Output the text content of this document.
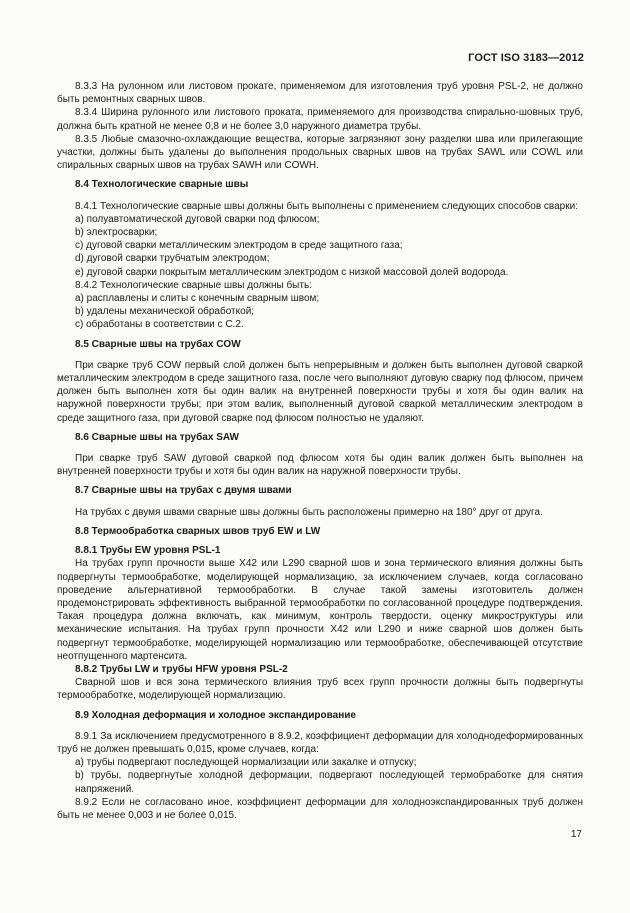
ГОСТ ISO 3183—2012

8.3.3 На рулонном или листовом прокате, применяемом для изготовления труб уровня PSL-2, не должно быть ремонтных сварных швов.

8.3.4 Ширина рулонного или листового проката, применяемого для производства спирально-шовных труб, должна быть кратной не менее 0,8 и не более 3,0 наружного диаметра трубы.

8.3.5 Любые смазочно-охлаждающие вещества, которые загрязняют зону разделки шва или прилегающие участки, должны быть удалены до выполнения продольных сварных швов на трубах SAWL или COWL или спиральных сварных швов на трубах SAWH или COWH.

8.4 Технологические сварные швы

8.4.1 Технологические сварные швы должны быть выполнены с применением следующих способов сварки:

a) полуавтоматической дуговой сварки под флюсом;

b) электросварки;

c) дуговой сварки металлическим электродом в среде защитного газа;

d) дуговой сварки трубчатым электродом;

e) дуговой сварки покрытым металлическим электродом с низкой массовой долей водорода.

8.4.2 Технологические сварные швы должны быть:

a) расплавлены и слиты с конечным сварным швом;

b) удалены механической обработкой;

c) обработаны в соответствии с С.2.

8.5 Сварные швы на трубах COW

При сварке труб COW первый слой должен быть непрерывным и должен быть выполнен дуговой сваркой металлическим электродом в среде защитного газа, после чего выполняют дуговую сварку под флюсом, причем должен быть выполнен хотя бы один валик на внутренней поверхности трубы и хотя бы один валик на наружной поверхности трубы; при этом валик, выполненный дуговой сваркой металлическим электродом в среде защитного газа, при дуговой сварке под флюсом полностью не удаляют.

8.6 Сварные швы на трубах SAW

При сварке труб SAW дуговой сваркой под флюсом хотя бы один валик должен быть выполнен на внутренней поверхности трубы и хотя бы один валик на наружной поверхности трубы.

8.7 Сварные швы на трубах с двумя швами

На трубах с двумя швами сварные швы должны быть расположены примерно на 180° друг от друга.

8.8 Термообработка сварных швов труб EW и LW

8.8.1 Трубы EW уровня PSL-1

На трубах групп прочности выше X42 или L290 сварной шов и зона термического влияния должны быть подвергнуты термообработке, моделирующей нормализацию, за исключением случаев, когда согласовано проведение альтернативной термообработки. В случае такой замены изготовитель должен продемонстрировать эффективность выбранной термообработки по согласованной процедуре подтверждения. Такая процедура должна включать, как минимум, контроль твердости, оценку микроструктуры или механические испытания. На трубах групп прочности X42 или L290 и ниже сварной шов должен быть подвергнут термообработке, моделирующей нормализацию или термообработке, обеспечивающей отсутствие неотпущенного мартенсита.

8.8.2 Трубы LW и трубы HFW уровня PSL-2

Сварной шов и вся зона термического влияния труб всех групп прочности должны быть подвергнуты термообработке, моделирующей нормализацию.

8.9 Холодная деформация и холодное экспандирование

8.9.1 За исключением предусмотренного в 8.9.2, коэффициент деформации для холоднодеформированных труб не должен превышать 0,015, кроме случаев, когда:

a) трубы подвергают последующей нормализации или закалке и отпуску;

b) трубы, подвергнутые холодной деформации, подвергают последующей термобработке для снятия напряжений.

8.9.2 Если не согласовано иное, коэффициент деформации для холодноэкспандированных труб должен быть не менее 0,003 и не более 0,015.

17
